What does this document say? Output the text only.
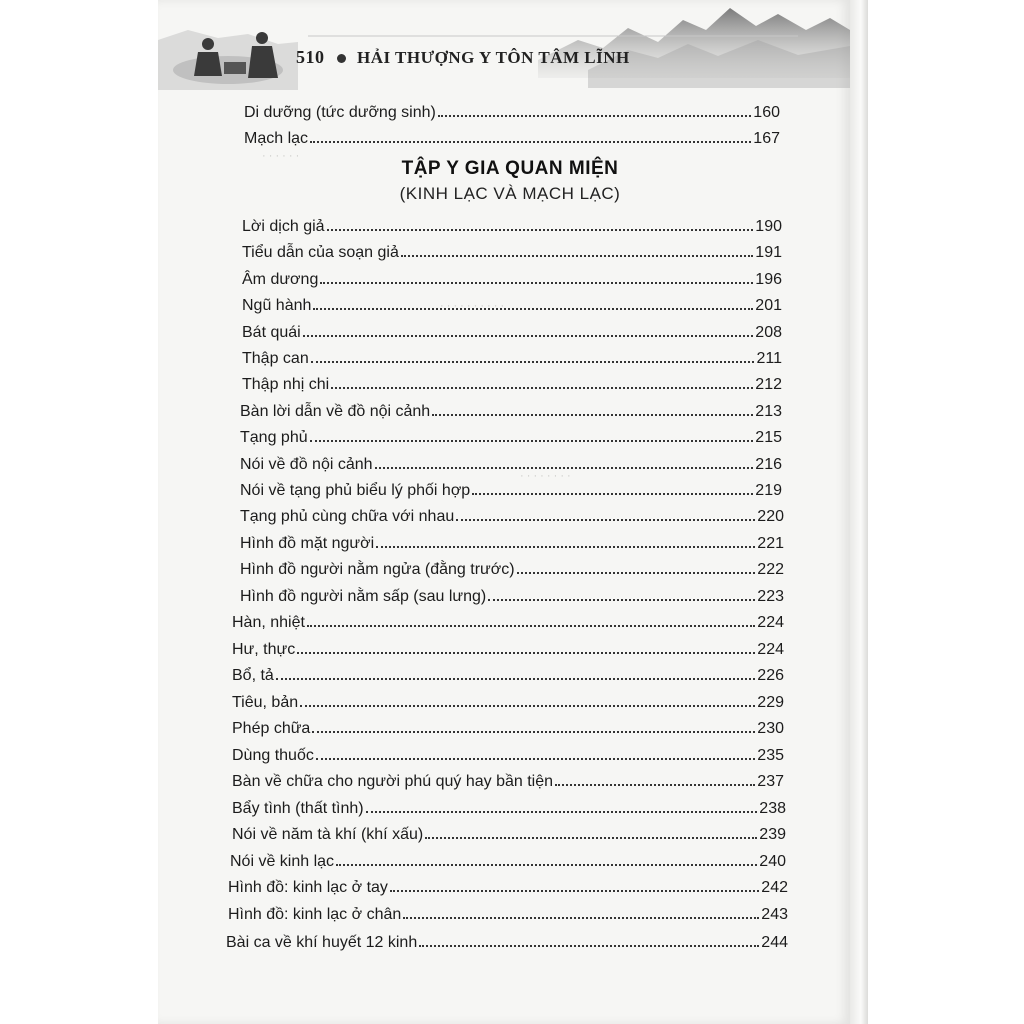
510 HẢI THƯỢNG Y TÔN TÂM LĨNH
· · · · · ·
· · · · · · · · · ·
· · · · · · · ·
Di dưỡng (tức dưỡng sinh)	160
Mạch lạc	167
TẬP Y GIA QUAN MIỆN
(KINH LẠC VÀ MẠCH LẠC)
Lời dịch giả	190
Tiểu dẫn của soạn giả	191
Âm dương	196
Ngũ hành	201
Bát quái	208
Thập can	211
Thập nhị chi	212
Bàn lời dẫn về đồ nội cảnh	213
Tạng phủ	215
Nói về đồ nội cảnh	216
Nói về tạng phủ biểu lý phối hợp	219
Tạng phủ cùng chữa với nhau	220
Hình đồ mặt người	221
Hình đồ người nằm ngửa (đằng trước)	222
Hình đồ người nằm sấp (sau lưng)	223
Hàn, nhiệt	224
Hư, thực	224
Bổ, tả	226
Tiêu, bản	229
Phép chữa	230
Dùng thuốc	235
Bàn về chữa cho người phú quý hay bần tiện	237
Bẩy tình (thất tình)	238
Nói về năm tà khí (khí xấu)	239
Nói về kinh lạc	240
Hình đồ: kinh lạc ở tay	242
Hình đồ: kinh lạc ở chân	243
Bài ca về khí huyết 12 kinh	244
